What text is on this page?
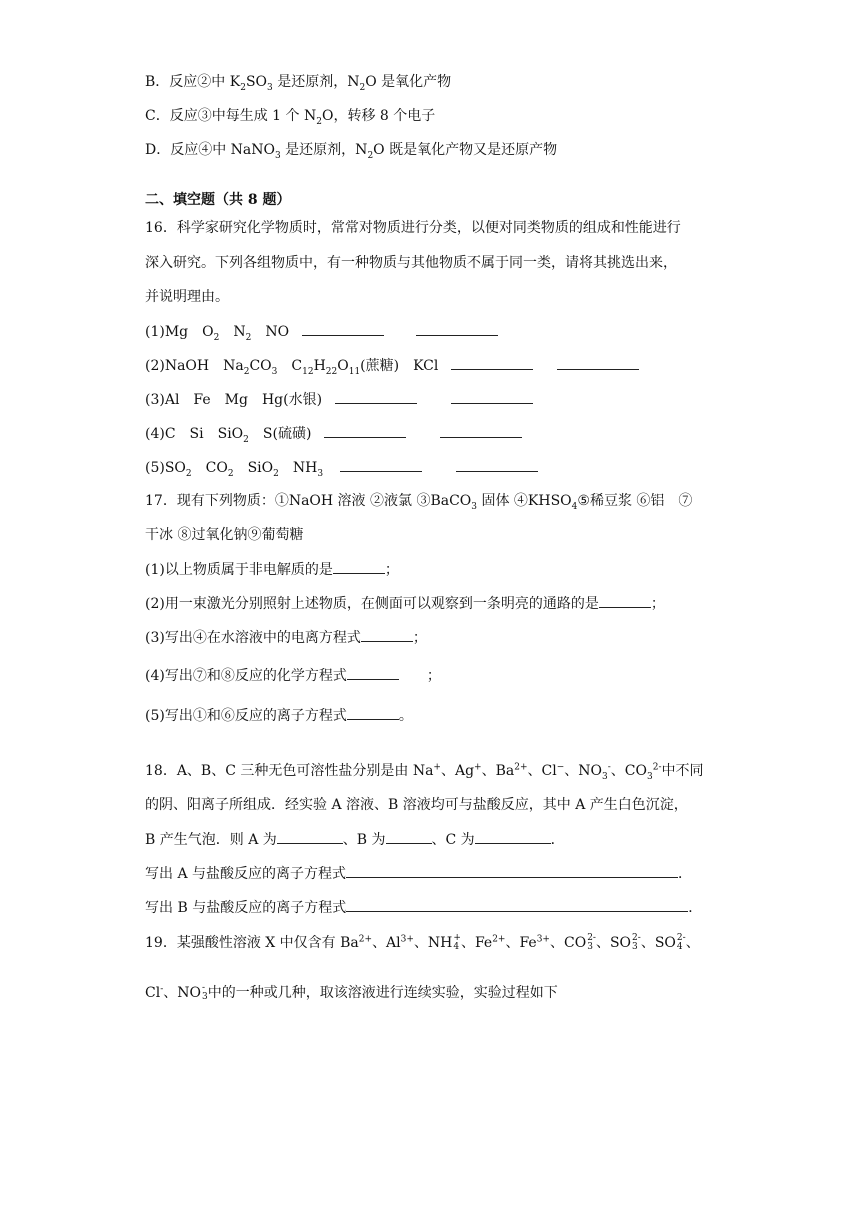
B．反应②中 $K_2SO_3$ 是还原剂，$N_2O$ 是氧化产物
C．反应③中每生成 1 个 $N_2O$，转移 8 个电子
D．反应④中 NaNO$_3$ 是还原剂，$N_2O$ 既是氧化产物又是还原产物
二、填空题（共 8 题）
16．科学家研究化学物质时，常常对物质进行分类，以便对同类物质的组成和性能进行
深入研究。下列各组物质中，有一种物质与其他物质不属于同一类，请将其挑选出来，
并说明理由。
(1)Mg　$O_2$　$N_2$　NO
(2)NaOH　$Na_2CO_3$　$C_{12}H_{22}O_{11}$(蔗糖)　KCl
(3)Al　Fe　Mg　Hg(水银)
(4)C　Si　SiO$_2$　S(硫磺)
$(5)SO_2$　$CO_2$　SiO$_2$　$NH_3$
17．现有下列物质：①NaOH 溶液 ②液氯 ③BaCO$_3$ 固体 $④KHSO_4⑤$稀豆浆 ⑥铝　⑦
干冰 ⑧过氧化钠⑨葡萄糖
(1)以上物质属于非电解质的是	；
(2)用一束激光分别照射上述物质，在侧面可以观察到一条明亮的通路的是	；
(3)写出④在水溶液中的电离方程式	；
(4)写出⑦和⑧反应的化学方程式	；
(5)写出①和⑥反应的离子方程式	。
18．A、B、C 三种无色可溶性盐分别是由 Na+、Ag+、$Ba^{2+}$、Cl−、$NO_3^-$、$CO_3^{2-}$中不同
的阴、阳离子所组成．经实验 A 溶液、B 溶液均可与盐酸反应，其中 A 产生白色沉淀，
B 产生气泡．则 A 为	、B 为	、C 为	．
写出 A 与盐酸反应的离子方程式	．
写出 B 与盐酸反应的离子方程式	．
19．某强酸性溶液 X 中仅含有 $Ba^{2+}$、$Al^{3+}$、NH +
4 、$Fe^{2+}$、$Fe^{3+}$、CO 2-
3 、SO 2-
3 、SO 2-
4 、
Cl-、NO -
3 中的一种或几种，取该溶液进行连续实验，实验过程如下
